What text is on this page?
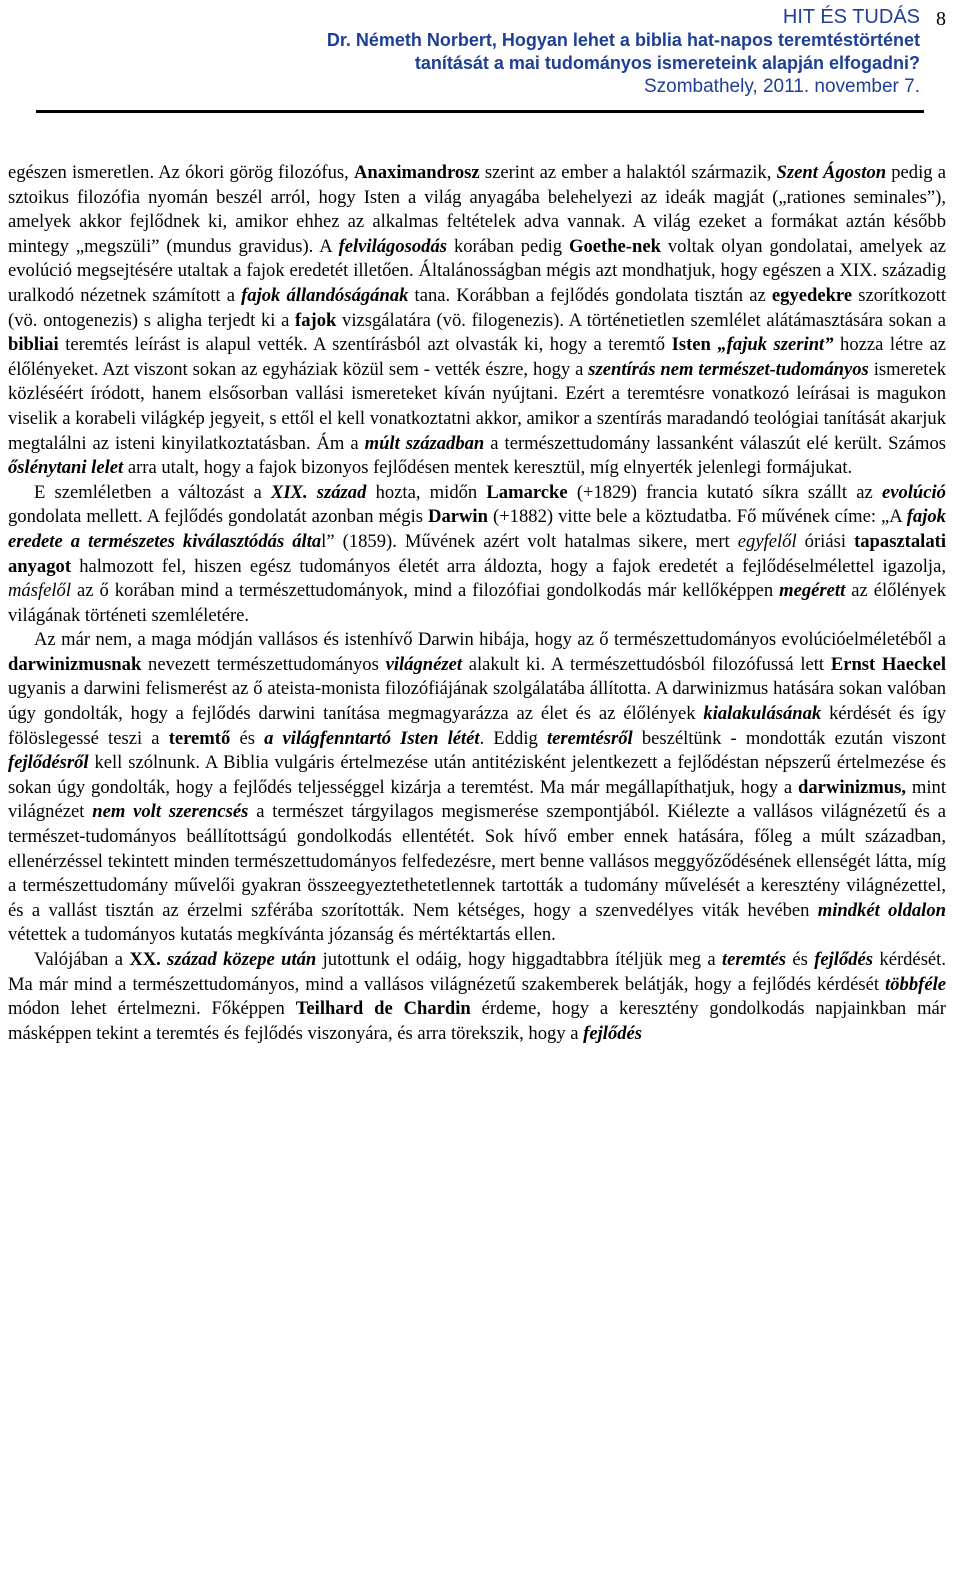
HIT ÉS TUDÁS
Dr. Németh Norbert, Hogyan lehet a biblia hat-napos teremtéstörténet
tanítását a mai tudományos ismereteink alapján elfogadni?
Szombathely, 2011. november 7.
8

egészen ismeretlen. Az ókori görög filozófus, Anaximandrosz szerint az ember a halaktól származik, Szent Ágoston pedig a sztoikus filozófia nyomán beszél arról, hogy Isten a világ anyagába belehelyezi az ideák magját („rationes seminales”), amelyek akkor fejlődnek ki, amikor ehhez az alkalmas feltételek adva vannak. A világ ezeket a formákat aztán később mintegy „megszüli” (mundus gravidus). A felvilágosodás korában pedig Goethe-nek voltak olyan gondolatai, amelyek az evolúció megsejtésére utaltak a fajok eredetét illetően. Általánosságban mégis azt mondhatjuk, hogy egészen a XIX. századig uralkodó nézetnek számított a fajok állandóságának tana. Korábban a fejlődés gondolata tisztán az egyedekre szorítkozott (vö. ontogenezis) s aligha terjedt ki a fajok vizsgálatára (vö. filogenezis). A történetietlen szemlélet alátámasztására sokan a bibliai teremtés leírást is alapul vették. A szentírásból azt olvasták ki, hogy a teremtő Isten „fajuk szerint” hozza létre az élőlényeket. Azt viszont sokan az egyháziak közül sem - vették észre, hogy a szentírás nem természet-tudományos ismeretek közléséért íródott, hanem elsősorban vallási ismereteket kíván nyújtani. Ezért a teremtésre vonatkozó leírásai is magukon viselik a korabeli világkép jegyeit, s ettől el kell vonatkoztatni akkor, amikor a szentírás maradandó teológiai tanítását akarjuk megtalálni az isteni kinyilatkoztatásban. Ám a múlt században a természettudomány lassanként válaszút elé került. Számos őslénytani lelet arra utalt, hogy a fajok bizonyos fejlődésen mentek keresztül, míg elnyerték jelenlegi formájukat.

E szemléletben a változást a XIX. század hozta, midőn Lamarcke (+1829) francia kutató síkra szállt az evolúció gondolata mellett. A fejlődés gondolatát azonban mégis Darwin (+1882) vitte bele a köztudatba. Fő művének címe: „A fajok eredete a természetes kiválasztódás által” (1859). Művének azért volt hatalmas sikere, mert egyfelől óriási tapasztalati anyagot halmozott fel, hiszen egész tudományos életét arra áldozta, hogy a fajok eredetét a fejlődéselmélettel igazolja, másfelől az ő korában mind a természettudományok, mind a filozófiai gondolkodás már kellőképpen megérett az élőlények világának történeti szemléletére.

Az már nem, a maga módján vallásos és istenhívő Darwin hibája, hogy az ő természettudományos evolúcióelméletéből a darwinizmusnak nevezett természettudományos világnézet alakult ki. A természettudósból filozófussá lett Ernst Haeckel ugyanis a darwini felismerést az ő ateista-monista filozófiájának szolgálatába állította. A darwinizmus hatására sokan valóban úgy gondolták, hogy a fejlődés darwini tanítása megmagyarázza az élet és az élőlények kialakulásának kérdését és így fölöslegessé teszi a teremtő és a világfenntartó Isten létét. Eddig teremtésről beszéltünk - mondották ezután viszont fejlődésről kell szólnunk. A Biblia vulgáris értelmezése után antitézisként jelentkezett a fejlődéstan népszerű értelmezése és sokan úgy gondolták, hogy a fejlődés teljességgel kizárja a teremtést. Ma már megállapíthatjuk, hogy a darwinizmus, mint világnézet nem volt szerencsés a természet tárgyilagos megismerése szempontjából. Kiélezte a vallásos világnézetű és a természet-tudományos beállítottságú gondolkodás ellentétét. Sok hívő ember ennek hatására, főleg a múlt században, ellenérzéssel tekintett minden természettudományos felfedezésre, mert benne vallásos meggyőződésének ellenségét látta, míg a természettudomány művelői gyakran összeegyeztethetetlennek tartották a tudomány művelését a keresztény világnézettel, és a vallást tisztán az érzelmi szférába szorították. Nem kétséges, hogy a szenvedélyes viták hevében mindkét oldalon vétettek a tudományos kutatás megkívánta józanság és mértéktartás ellen.

Valójában a XX. század közepe után jutottunk el odáig, hogy higgadtabbra ítéljük meg a teremtés és fejlődés kérdését. Ma már mind a természettudományos, mind a vallásos világnézetű szakemberek belátják, hogy a fejlődés kérdését többféle módon lehet értelmezni. Főképpen Teilhard de Chardin érdeme, hogy a keresztény gondolkodás napjainkban már másképpen tekint a teremtés és fejlődés viszonyára, és arra törekszik, hogy a fejlődés
